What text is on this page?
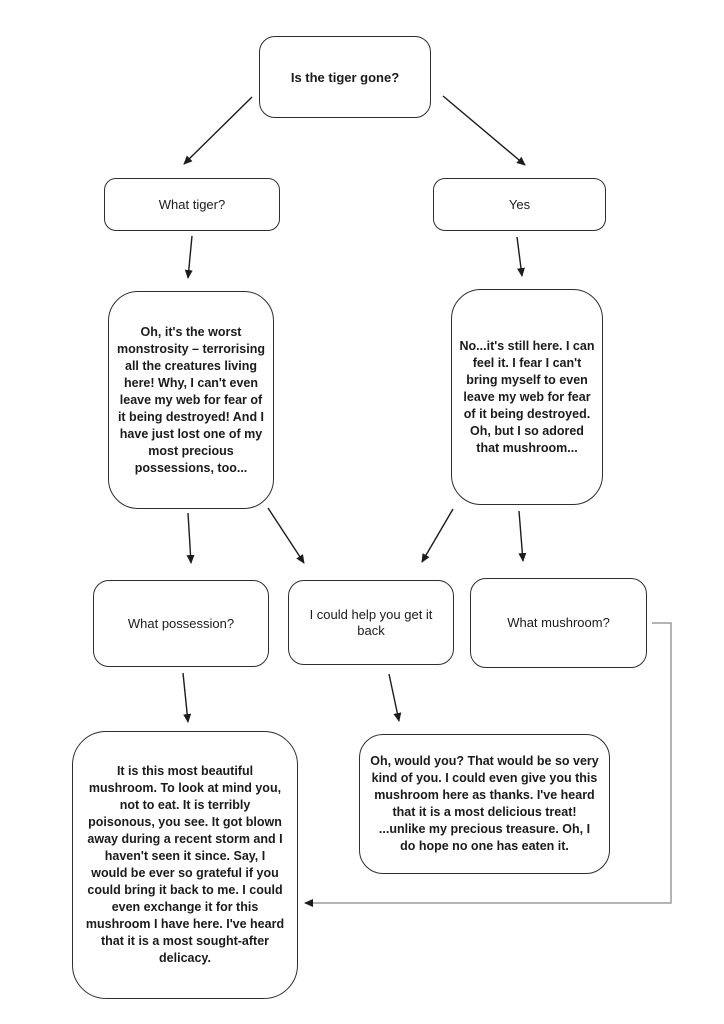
Is the tiger gone?
What tiger?	Yes
Oh, it's the worst monstrosity – terrorising all the creatures living here! Why, I can't even leave my web for fear of it being destroyed! And I have just lost one of my most precious possessions, too...
No...it's still here. I can feel it. I fear I can't bring myself to even leave my web for fear of it being destroyed. Oh, but I so adored that mushroom...
What possession?
I could help you get it back	What mushroom?
It is this most beautiful mushroom. To look at mind you, not to eat. It is terribly poisonous, you see. It got blown away during a recent storm and I haven't seen it since. Say, I would be ever so grateful if you could bring it back to me. I could even exchange it for this mushroom I have here. I've heard that it is a most sought-after delicacy.
Oh, would you? That would be so very kind of you. I could even give you this mushroom here as thanks. I've heard that it is a most delicious treat! ...unlike my precious treasure. Oh, I do hope no one has eaten it.
